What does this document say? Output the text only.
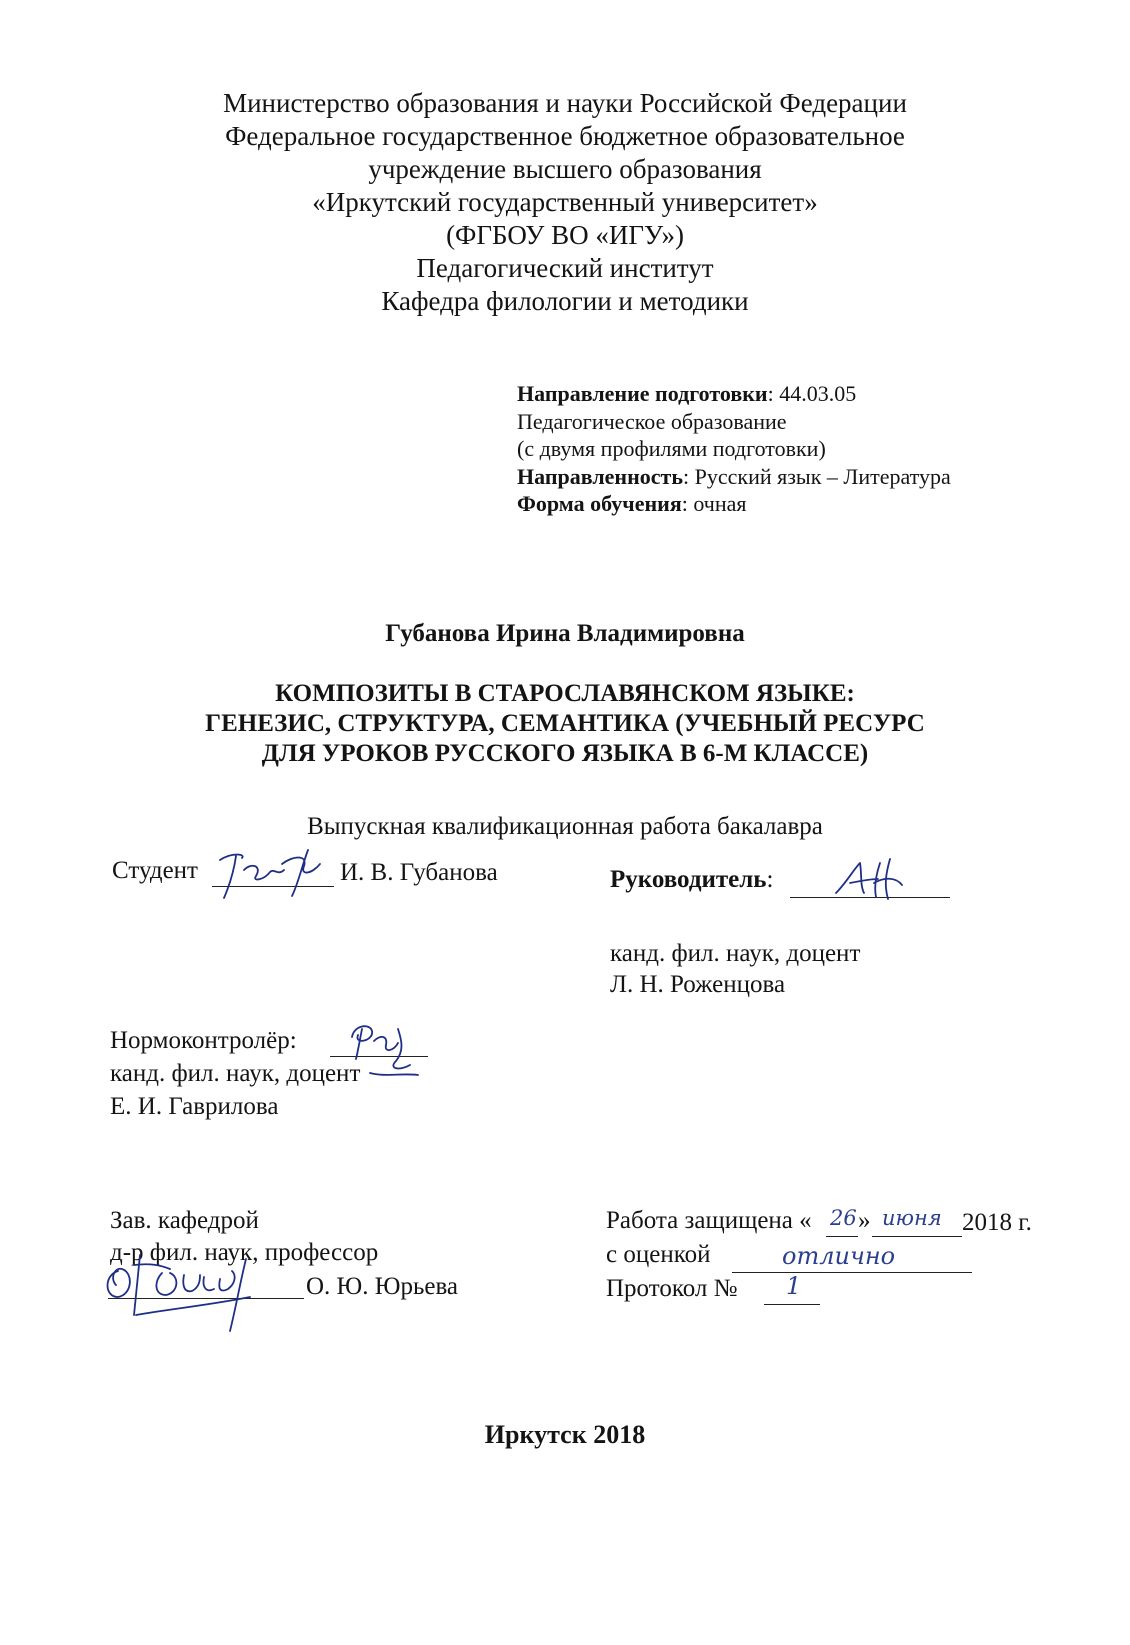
Министерство образования и науки Российской Федерации
Федеральное государственное бюджетное образовательное
учреждение высшего образования
«Иркутский государственный университет»
(ФГБОУ ВО «ИГУ»)
Педагогический институт
Кафедра филологии и методики
Направление подготовки: 44.03.05
Педагогическое образование
(с двумя профилями подготовки)
Направленность: Русский язык – Литература
Форма обучения: очная
Губанова Ирина Владимировна
КОМПОЗИТЫ В СТАРОСЛАВЯНСКОМ ЯЗЫКЕ:
ГЕНЕЗИС, СТРУКТУРА, СЕМАНТИКА (УЧЕБНЫЙ РЕСУРС
ДЛЯ УРОКОВ РУССКОГО ЯЗЫКА В 6-М КЛАССЕ)
Выпускная квалификационная работа бакалавра
Студент	И. В. Губанова	Руководитель:
канд. фил. наук, доцент
Л. Н. Роженцова
Нормоконтролёр:
канд. фил. наук, доцент
Е. И. Гаврилова
Зав. кафедрой
д-р фил. наук, профессор
О. Ю. Юрьева
Работа защищена « 26 » июня 2018 г.
с оценкой	отлично
Протокол № 1
Иркутск 2018
